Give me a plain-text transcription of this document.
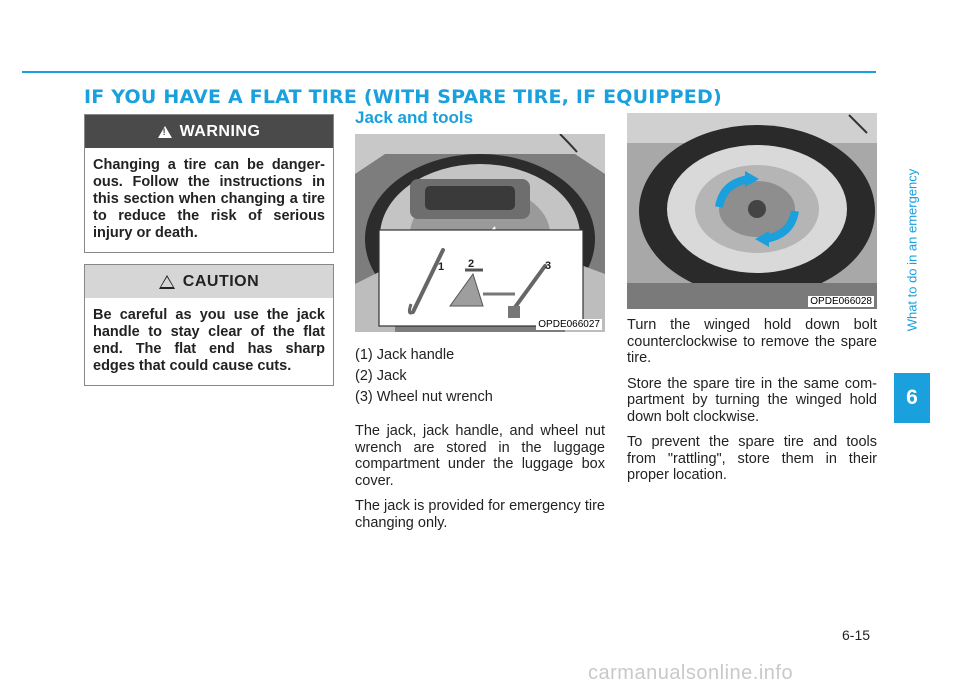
IF YOU HAVE A FLAT TIRE (WITH SPARE TIRE, IF EQUIPPED)
!
WARNING
Changing a tire can be danger-ous. Follow the instructions in this section when changing a tire to reduce the risk of serious injury or death.
CAUTION
Be careful as you use the jack handle to stay clear of the flat end. The flat end has sharp edges that could cause cuts.
Jack and tools
OPDE066027
1 2	3
(1) Jack handle
(2) Jack
(3) Wheel nut wrench

The jack, jack handle, and wheel nut wrench are stored in the luggage compartment under the luggage box cover.

The jack is provided for emergency tire changing only.

OPDE066028

Turn the winged hold down bolt counterclockwise to remove the spare tire.

Store the spare tire in the same com-partment by turning the winged hold down bolt clockwise.

To prevent the spare tire and tools from "rattling", store them in their proper location.

What to do in an emergency
6
6-15
carmanualsonline.info
